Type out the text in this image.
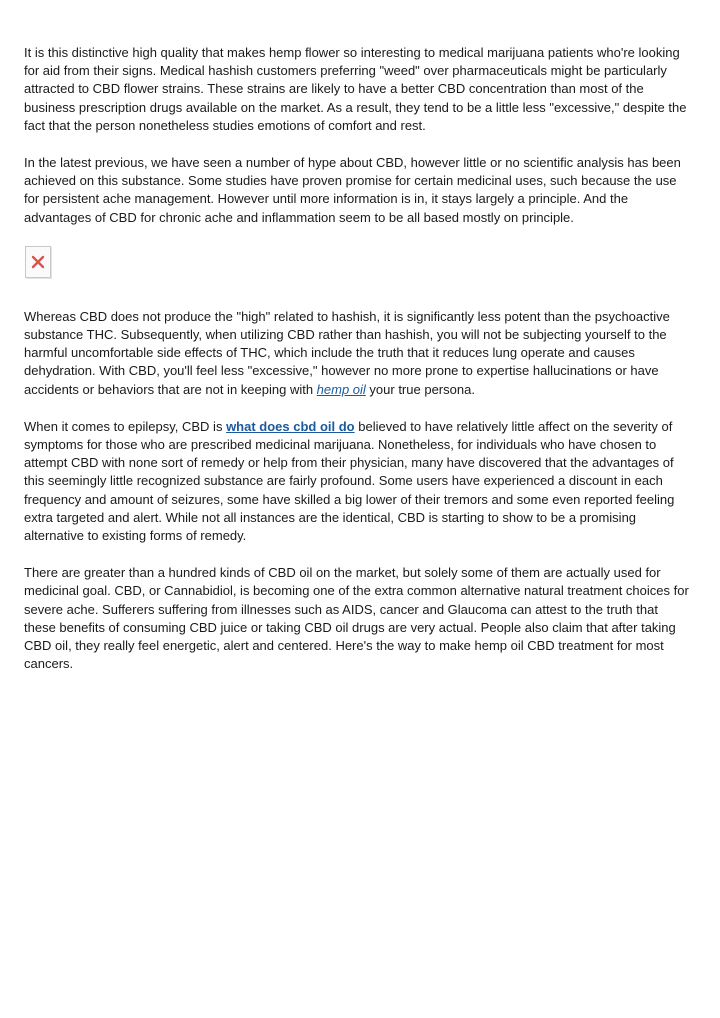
It is this distinctive high quality that makes hemp flower so interesting to medical marijuana patients who're looking for aid from their signs. Medical hashish customers preferring "weed" over pharmaceuticals might be particularly attracted to CBD flower strains. These strains are likely to have a better CBD concentration than most of the business prescription drugs available on the market. As a result, they tend to be a little less "excessive," despite the fact that the person nonetheless studies emotions of comfort and rest.

In the latest previous, we have seen a number of hype about CBD, however little or no scientific analysis has been achieved on this substance. Some studies have proven promise for certain medicinal uses, such because the use for persistent ache management. However until more information is in, it stays largely a principle. And the advantages of CBD for chronic ache and inflammation seem to be all based mostly on principle.

Whereas CBD does not produce the "high" related to hashish, it is significantly less potent than the psychoactive substance THC. Subsequently, when utilizing CBD rather than hashish, you will not be subjecting yourself to the harmful uncomfortable side effects of THC, which include the truth that it reduces lung operate and causes dehydration. With CBD, you'll feel less "excessive," however no more prone to expertise hallucinations or have accidents or behaviors that are not in keeping with hemp oil your true persona.

When it comes to epilepsy, CBD is what does cbd oil do believed to have relatively little affect on the severity of symptoms for those who are prescribed medicinal marijuana. Nonetheless, for individuals who have chosen to attempt CBD with none sort of remedy or help from their physician, many have discovered that the advantages of this seemingly little recognized substance are fairly profound. Some users have experienced a discount in each frequency and amount of seizures, some have skilled a big lower of their tremors and some even reported feeling extra targeted and alert. While not all instances are the identical, CBD is starting to show to be a promising alternative to existing forms of remedy.

There are greater than a hundred kinds of CBD oil on the market, but solely some of them are actually used for medicinal goal. CBD, or Cannabidiol, is becoming one of the extra common alternative natural treatment choices for severe ache. Sufferers suffering from illnesses such as AIDS, cancer and Glaucoma can attest to the truth that these benefits of consuming CBD juice or taking CBD oil drugs are very actual. People also claim that after taking CBD oil, they really feel energetic, alert and centered. Here's the way to make hemp oil CBD treatment for most cancers.
